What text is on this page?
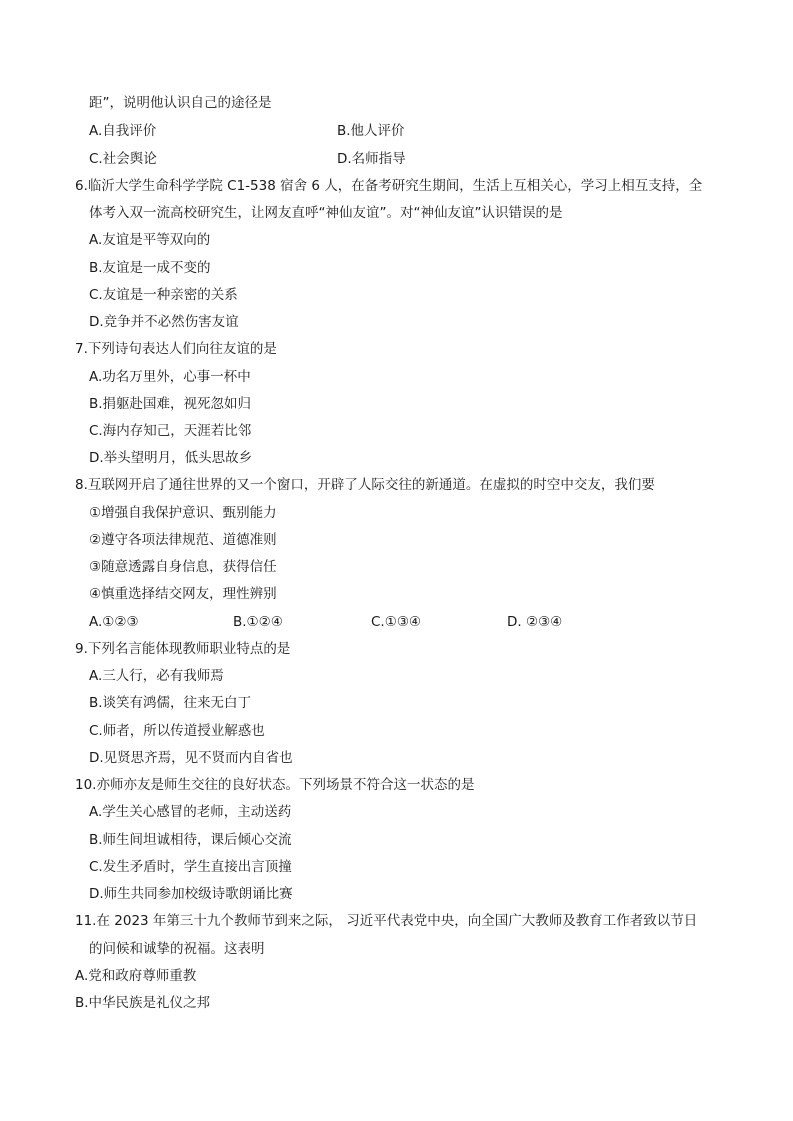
距”，说明他认识自己的途径是
A.自我评价	B.他人评价
C.社会舆论	D.名师指导
6.临沂大学生命科学学院 C1-538 宿舍 6 人，在备考研究生期间，生活上互相关心，学习上相互支持，全
体考入双一流高校研究生，让网友直呼“神仙友谊”。对“神仙友谊”认识错误的是
A.友谊是平等双向的
B.友谊是一成不变的
C.友谊是一种亲密的关系
D.竞争并不必然伤害友谊
7.下列诗句表达人们向往友谊的是
A.功名万里外，心事一杯中
B.捐躯赴国难，视死忽如归
C.海内存知己，天涯若比邻
D.举头望明月，低头思故乡
8.互联网开启了通往世界的又一个窗口，开辟了人际交往的新通道。在虚拟的时空中交友，我们要
①增强自我保护意识、甄别能力
②遵守各项法律规范、道德准则
③随意透露自身信息，获得信任
④慎重选择结交网友，理性辨别
A.①②③	B.①②④	C.①③④	D. ②③④
9.下列名言能体现教师职业特点的是
A.三人行，必有我师焉
B.谈笑有鸿儒，往来无白丁
C.师者，所以传道授业解惑也
D.见贤思齐焉，见不贤而内自省也
10.亦师亦友是师生交往的良好状态。下列场景不符合这一状态的是
A.学生关心感冒的老师，主动送药
B.师生间坦诚相待，课后倾心交流
C.发生矛盾时，学生直接出言顶撞
D.师生共同参加校级诗歌朗诵比赛
11.在 2023 年第三十九个教师节到来之际， 习近平代表党中央，向全国广大教师及教育工作者致以节日
的问候和诚挚的祝福。这表明
A.党和政府尊师重教
B.中华民族是礼仪之邦
